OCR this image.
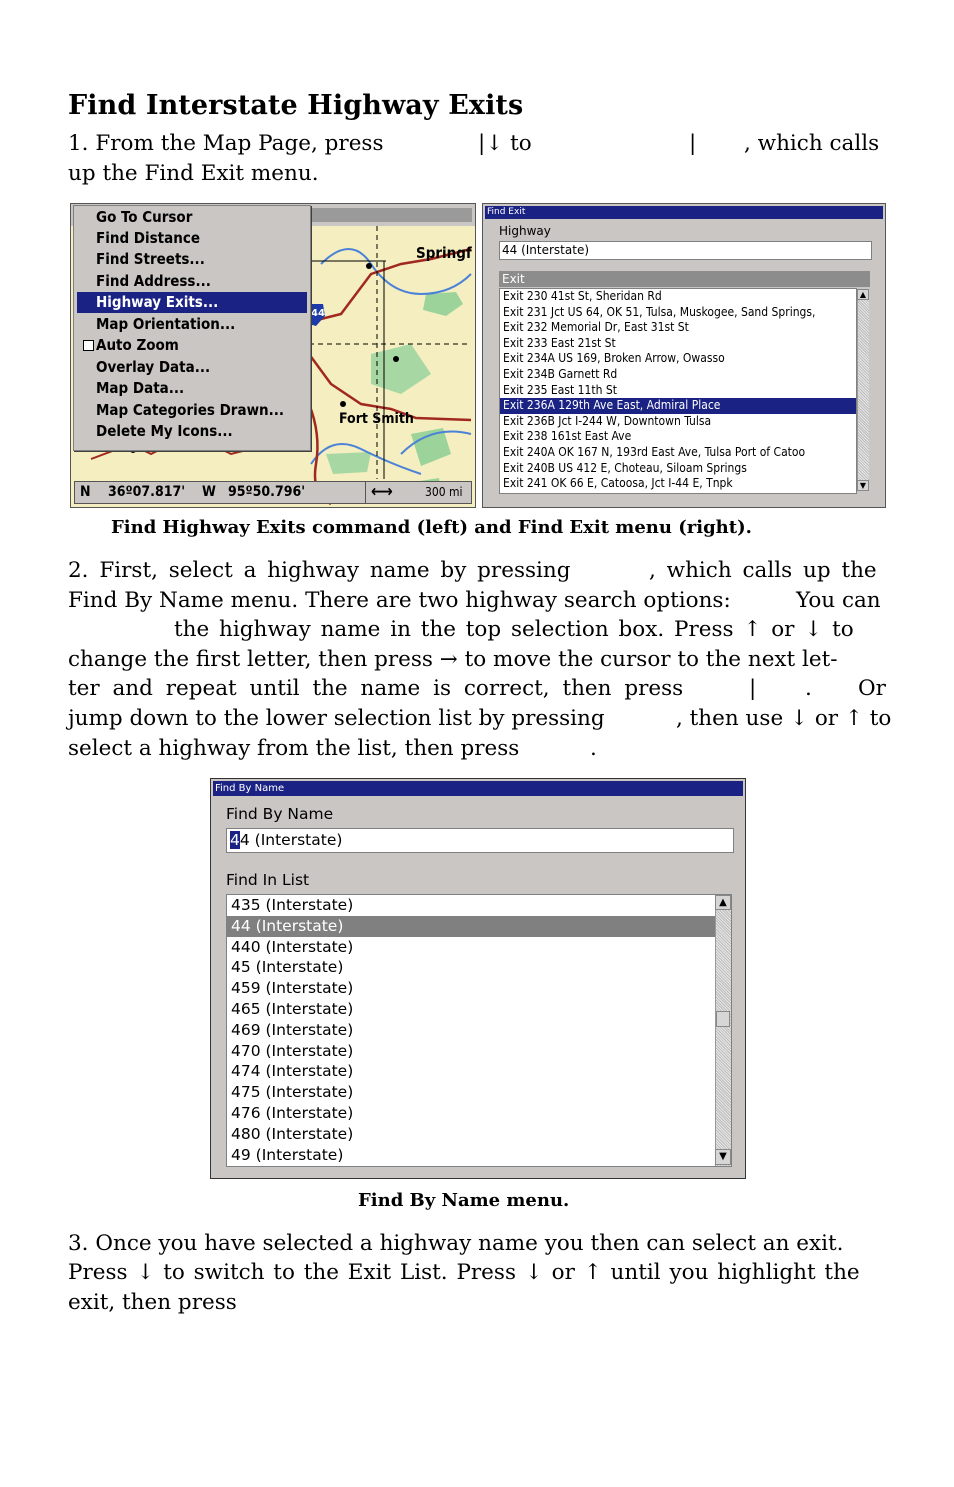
Find Interstate Highway Exits
1. From the Map Page, press	|↓ to	| , which calls
up the Find Exit menu.
Springf
Fort Smith
44
Go To Cursor
Find Distance
Find Streets...
Find Address...
Highway Exits...
Map Orientation...
Auto Zoom
Overlay Data...
Map Data...
Map Categories Drawn...
Delete My Icons...
N 36º07.817' W 95º50.796'	⟷	300 mi
Find Exit
Highway
44 (Interstate)
Exit
Exit 230 41st St, Sheridan Rd
Exit 231 Jct US 64, OK 51, Tulsa, Muskogee, Sand Springs,
Exit 232 Memorial Dr, East 31st St
Exit 233 East 21st St
Exit 234A US 169, Broken Arrow, Owasso
Exit 234B Garnett Rd
Exit 235 East 11th St
Exit 236A 129th Ave East, Admiral Place
Exit 236B Jct I-244 W, Downtown Tulsa
Exit 238 161st East Ave
Exit 240A OK 167 N, 193rd East Ave, Tulsa Port of Catoo
Exit 240B US 412 E, Choteau, Siloam Springs
Exit 241 OK 66 E, Catoosa, Jct I-44 E, Tnpk
▲
▼
Find Highway Exits command (left) and Find Exit menu (right).
2. First, select a highway name by pressing	, which calls up the
Find By Name menu. There are two highway search options:	You can
the highway name in the top selection box. Press ↑ or ↓ to
change the first letter, then press → to move the cursor to the next let-
ter and repeat until the name is correct, then press	| . Or
jump down to the lower selection list by pressing	, then use ↓ or ↑ to
select a highway from the list, then press	.
Find By Name
Find By Name
44 (Interstate)
Find In List
435 (Interstate)
44 (Interstate)
440 (Interstate)
45 (Interstate)
459 (Interstate)
465 (Interstate)
469 (Interstate)
470 (Interstate)
474 (Interstate)
475 (Interstate)
476 (Interstate)
480 (Interstate)
49 (Interstate)
▲
▼
Find By Name menu.
3. Once you have selected a highway name you then can select an exit.
Press ↓ to switch to the Exit List. Press ↓ or ↑ until you highlight the
exit, then press
